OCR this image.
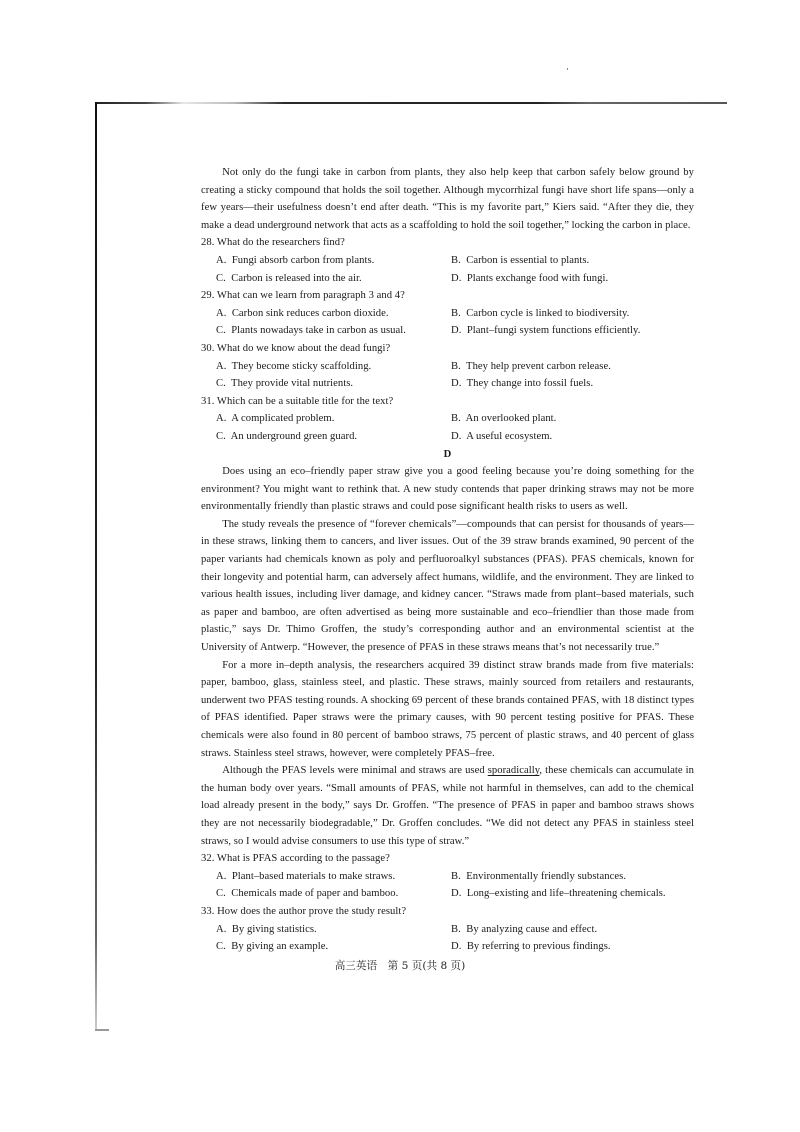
Not only do the fungi take in carbon from plants, they also help keep that carbon safely below ground by creating a sticky compound that holds the soil together. Although mycorrhizal fungi have short life spans—only a few years—their usefulness doesn’t end after death. “This is my favorite part,” Kiers said. “After they die, they make a dead underground network that acts as a scaffolding to hold the soil together,” locking the carbon in place.

28. What do the researchers find?

A. Fungi absorb carbon from plants.	B. Carbon is essential to plants.

C. Carbon is released into the air.	D. Plants exchange food with fungi.

29. What can we learn from paragraph 3 and 4?

A. Carbon sink reduces carbon dioxide.	B. Carbon cycle is linked to biodiversity.

C. Plants nowadays take in carbon as usual.	D. Plant–fungi system functions efficiently.

30. What do we know about the dead fungi?

A. They become sticky scaffolding.	B. They help prevent carbon release.

C. They provide vital nutrients.	D. They change into fossil fuels.

31. Which can be a suitable title for the text?

A. A complicated problem.	B. An overlooked plant.

C. An underground green guard.	D. A useful ecosystem.

D

Does using an eco–friendly paper straw give you a good feeling because you’re doing something for the environment? You might want to rethink that. A new study contends that paper drinking straws may not be more environmentally friendly than plastic straws and could pose significant health risks to users as well.

The study reveals the presence of “forever chemicals”—compounds that can persist for thousands of years—in these straws, linking them to cancers, and liver issues. Out of the 39 straw brands examined, 90 percent of the paper variants had chemicals known as poly and perfluoroalkyl substances (PFAS). PFAS chemicals, known for their longevity and potential harm, can adversely affect humans, wildlife, and the environment. They are linked to various health issues, including liver damage, and kidney cancer. “Straws made from plant–based materials, such as paper and bamboo, are often advertised as being more sustainable and eco–friendlier than those made from plastic,” says Dr. Thimo Groffen, the study’s corresponding author and an environmental scientist at the University of Antwerp. “However, the presence of PFAS in these straws means that’s not necessarily true.”

For a more in–depth analysis, the researchers acquired 39 distinct straw brands made from five materials: paper, bamboo, glass, stainless steel, and plastic. These straws, mainly sourced from retailers and restaurants, underwent two PFAS testing rounds. A shocking 69 percent of these brands contained PFAS, with 18 distinct types of PFAS identified. Paper straws were the primary causes, with 90 percent testing positive for PFAS. These chemicals were also found in 80 percent of bamboo straws, 75 percent of plastic straws, and 40 percent of glass straws. Stainless steel straws, however, were completely PFAS–free.

Although the PFAS levels were minimal and straws are used sporadically, these chemicals can accumulate in the human body over years. “Small amounts of PFAS, while not harmful in themselves, can add to the chemical load already present in the body,” says Dr. Groffen. “The presence of PFAS in paper and bamboo straws shows they are not necessarily biodegradable,” Dr. Groffen concludes. “We did not detect any PFAS in stainless steel straws, so I would advise consumers to use this type of straw.”

32. What is PFAS according to the passage?

A. Plant–based materials to make straws.	B. Environmentally friendly substances.

C. Chemicals made of paper and bamboo.	D. Long–existing and life–threatening chemicals.

33. How does the author prove the study result?

A. By giving statistics.	B. By analyzing cause and effect.

C. By giving an example.	D. By referring to previous findings.

高三英语　第 5 页(共 8 页)
